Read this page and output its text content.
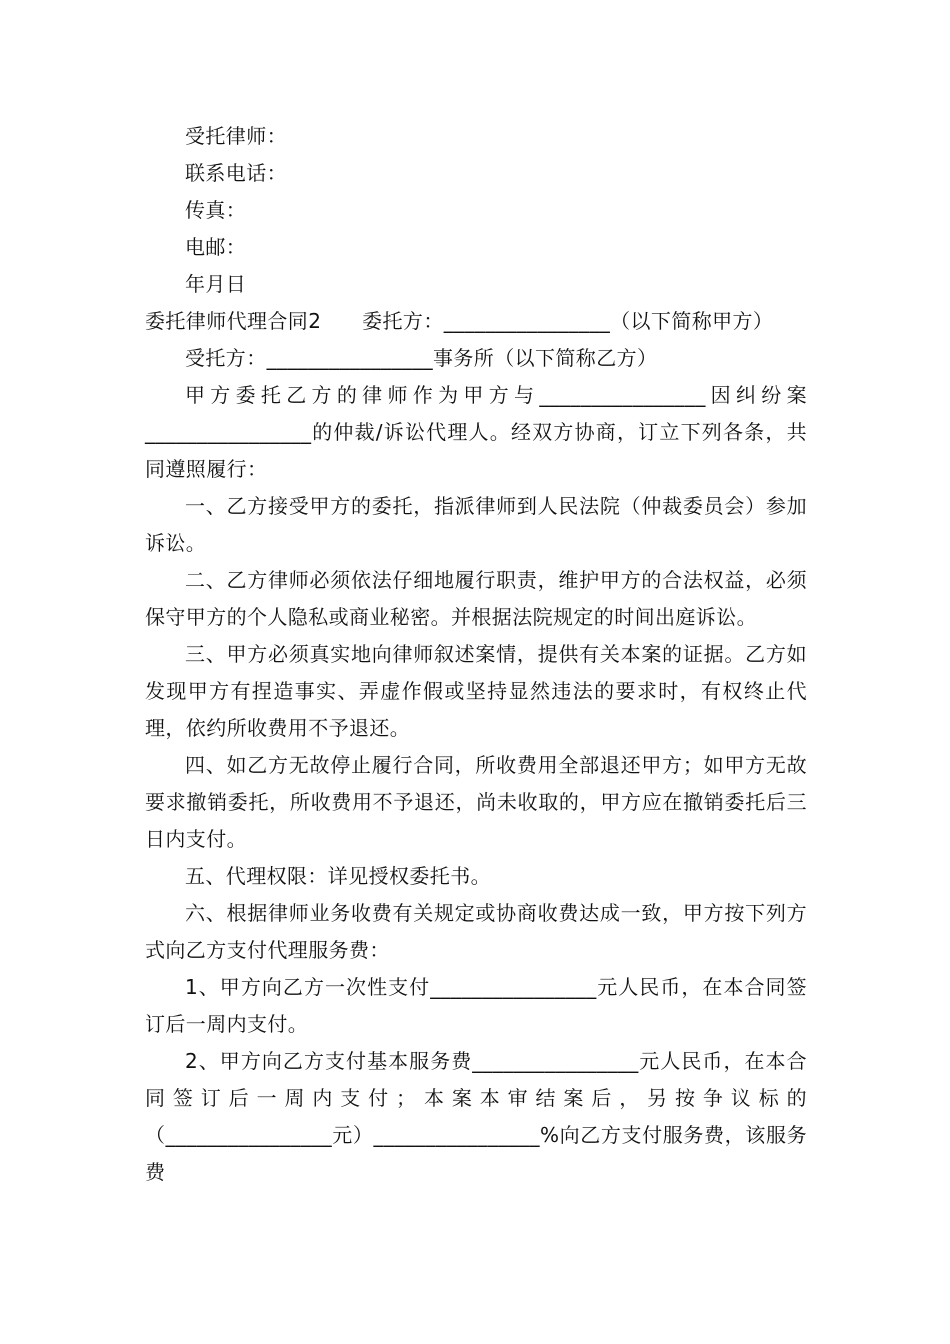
受托律师：
联系电话：
传真：
电邮：
年月日

委托律师代理合同2　　委托方：________________（以下简称甲方）

受托方：________________事务所（以下简称乙方）

甲方委托乙方的律师作为甲方与________________因纠纷案________________的仲裁/诉讼代理人。经双方协商，订立下列各条，共同遵照履行：

一、乙方接受甲方的委托，指派律师到人民法院（仲裁委员会）参加诉讼。

二、乙方律师必须依法仔细地履行职责，维护甲方的合法权益，必须保守甲方的个人隐私或商业秘密。并根据法院规定的时间出庭诉讼。

三、甲方必须真实地向律师叙述案情，提供有关本案的证据。乙方如发现甲方有捏造事实、弄虚作假或坚持显然违法的要求时，有权终止代理，依约所收费用不予退还。

四、如乙方无故停止履行合同，所收费用全部退还甲方；如甲方无故要求撤销委托，所收费用不予退还，尚未收取的，甲方应在撤销委托后三日内支付。

五、代理权限：详见授权委托书。

六、根据律师业务收费有关规定或协商收费达成一致，甲方按下列方式向乙方支付代理服务费：

1、甲方向乙方一次性支付________________元人民币，在本合同签订后一周内支付。

2、甲方向乙方支付基本服务费________________元人民币，在本合同签订后一周内支付；本案本审结案后，另按争议标的（________________元）________________%向乙方支付服务费，该服务费
